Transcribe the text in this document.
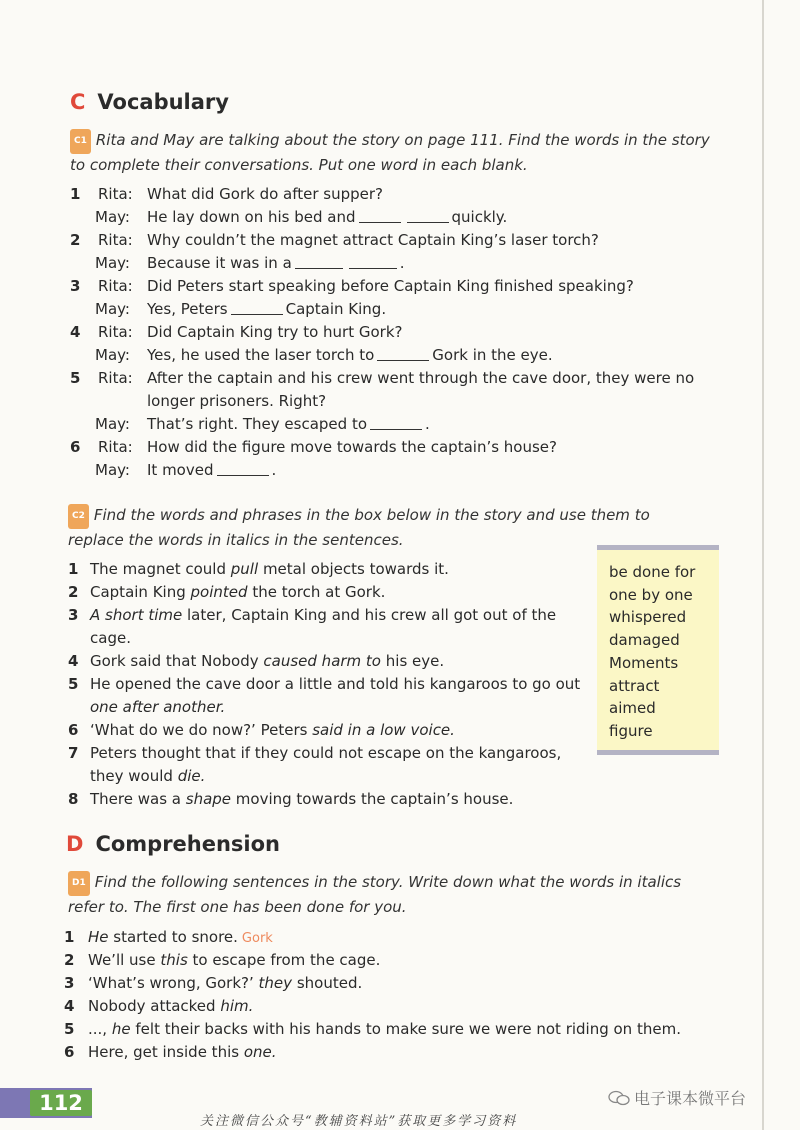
C Vocabulary
C1 Rita and May are talking about the story on page 111. Find the words in the story to complete their conversations. Put one word in each blank.
1 Rita: What did Gork do after supper?
May: He lay down on his bed and	quickly.
2 Rita: Why couldn’t the magnet attract Captain King’s laser torch?
May: Because it was in a	.
3 Rita: Did Peters start speaking before Captain King finished speaking?
May: Yes, Peters	Captain King.
4 Rita: Did Captain King try to hurt Gork?
May: Yes, he used the laser torch to	Gork in the eye.
5 Rita: After the captain and his crew went through the cave door, they were no
longer prisoners. Right?
May: That’s right. They escaped to	.
6 Rita: How did the figure move towards the captain’s house?
May: It moved	.
C2 Find the words and phrases in the box below in the story and use them to replace the words in italics in the sentences.
1 The magnet could pull metal objects towards it.
2 Captain King pointed the torch at Gork.
3 A short time later, Captain King and his crew all got out of the
cage.
4 Gork said that Nobody caused harm to his eye.
5 He opened the cave door a little and told his kangaroos to go out
one after another.
6 ‘What do we do now?’ Peters said in a low voice.
7 Peters thought that if they could not escape on the kangaroos,
they would die.
8 There was a shape moving towards the captain’s house.
be done for
one by one
whispered
damaged
Moments
attract
aimed
figure
D Comprehension
D1 Find the following sentences in the story. Write down what the words in italics refer to. The first one has been done for you.
1 He started to snore. Gork
2 We’ll use this to escape from the cage.
3 ‘What’s wrong, Gork?’ they shouted.
4 Nobody attacked him.
5 ..., he felt their backs with his hands to make sure we were not riding on them.
6 Here, get inside this one.
112	电子课本微平台
关注微信公众号“教辅资料站”获取更多学习资料
